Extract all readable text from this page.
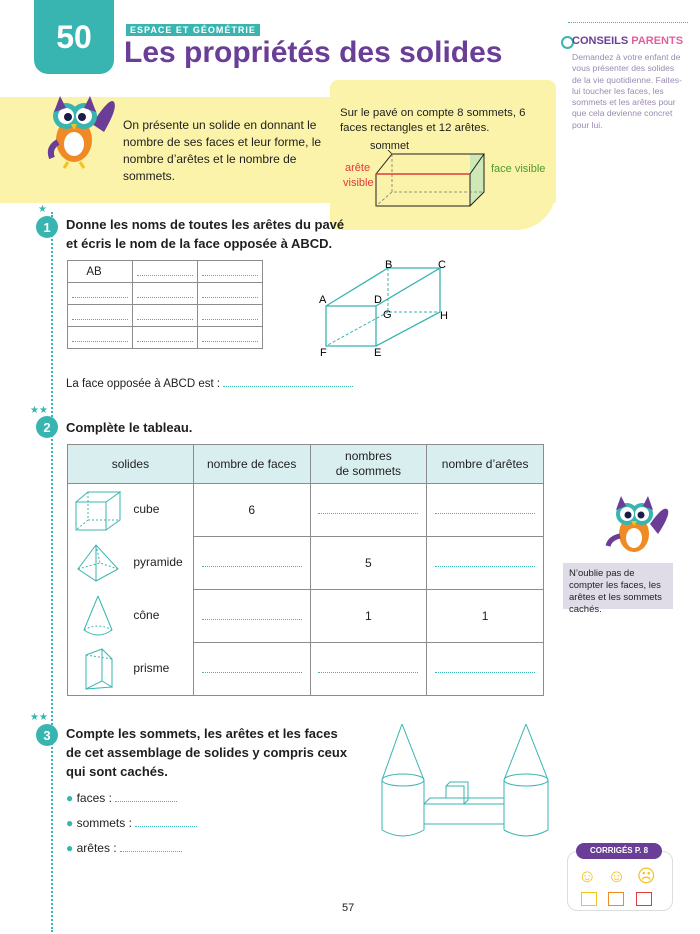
50	ESPACE ET GÉOMÉTRIE
Les propriétés des solides	CONSEILS PARENTS
Demandez à votre enfant de vous présenter des solides de la vie quotidienne. Faites-lui toucher les faces, les sommets et les arêtes pour que cela devienne concret pour lui.
On présente un solide en donnant le nombre de ses faces et leur forme, le nombre d’arêtes et le nombre de sommets.
Sur le pavé on compte 8 sommets, 6 faces rectangles et 12 arêtes.
sommet
arête
visible
face visible
★
1	Donne les noms de toutes les arêtes du pavé
et écris le nom de la face opposée à ABCD.
AB		

B	C
A	D
G	H
F	E
La face opposée à ABCD est :
★★
2	Complète le tableau.
solides	nombre de faces	nombres
de sommets	nombre d’arêtes
cube	6		
pyramide		5	
cône		1	1
prisme			
N’oublie pas de compter les faces, les arêtes et les sommets cachés.
★★
3	Compte les sommets, les arêtes et les faces
de cet assemblage de solides y compris ceux
qui sont cachés.
● faces :
● sommets :
● arêtes :	CORRIGÉS P. 8
☺ ☺ ☹
57
